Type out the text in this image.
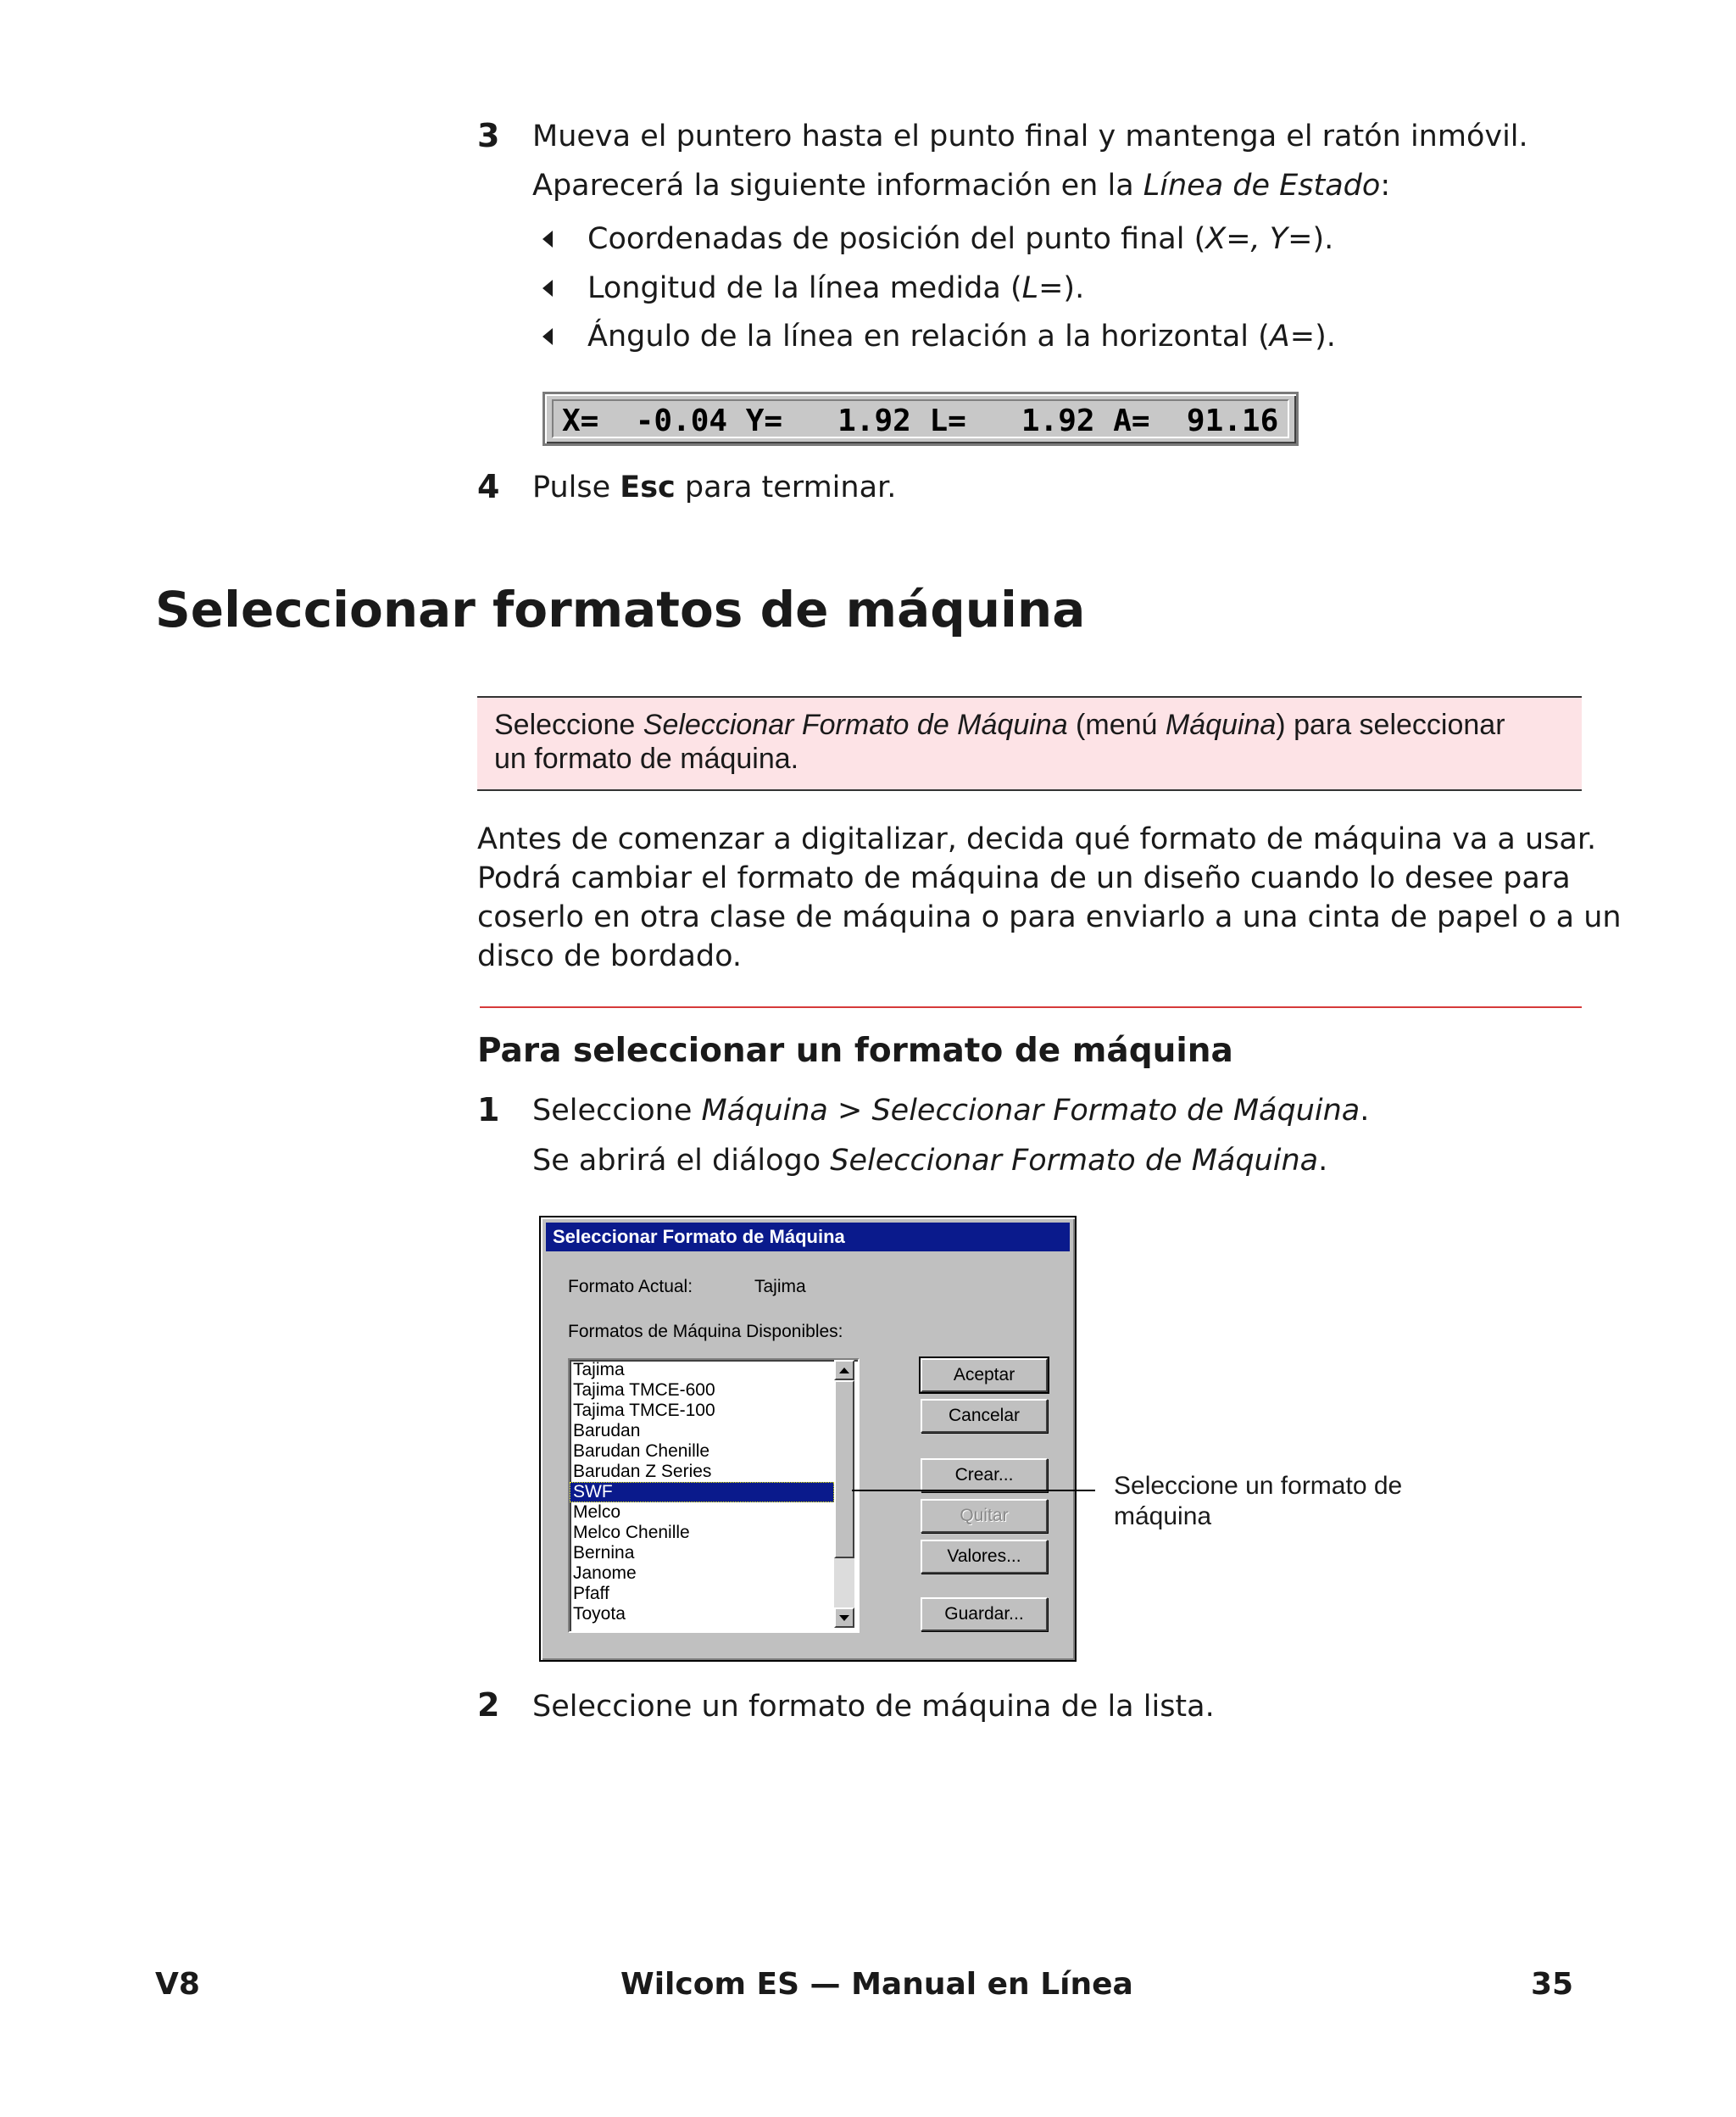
3 Mueva el puntero hasta el punto final y mantenga el ratón inmóvil.
Aparecerá la siguiente información en la Línea de Estado:
Coordenadas de posición del punto final (X=, Y=).
Longitud de la línea medida (L=).
Ángulo de la línea en relación a la horizontal (A=).
X=  -0.04 Y=   1.92 L=   1.92 A=  91.16
4 Pulse Esc para terminar.
Seleccionar formatos de máquina
Seleccione Seleccionar Formato de Máquina (menú Máquina) para seleccionar
un formato de máquina.
Antes de comenzar a digitalizar, decida qué formato de máquina va a usar.
Podrá cambiar el formato de máquina de un diseño cuando lo desee para
coserlo en otra clase de máquina o para enviarlo a una cinta de papel o a un
disco de bordado.
Para seleccionar un formato de máquina
1 Seleccione Máquina > Seleccionar Formato de Máquina.
Se abrirá el diálogo Seleccionar Formato de Máquina.
Seleccionar Formato de Máquina
Formato Actual:	Tajima
Formatos de Máquina Disponibles:
Tajima
Tajima TMCE-600
Tajima TMCE-100
Barudan
Barudan Chenille
Barudan Z Series
SWF
Melco
Melco Chenille
Bernina
Janome
Pfaff
Toyota
Aceptar
Cancelar
Crear...
Quitar
Valores...
Guardar...
Seleccione un formato de
máquina
2 Seleccione un formato de máquina de la lista.
V8	Wilcom ES — Manual en Línea	35
